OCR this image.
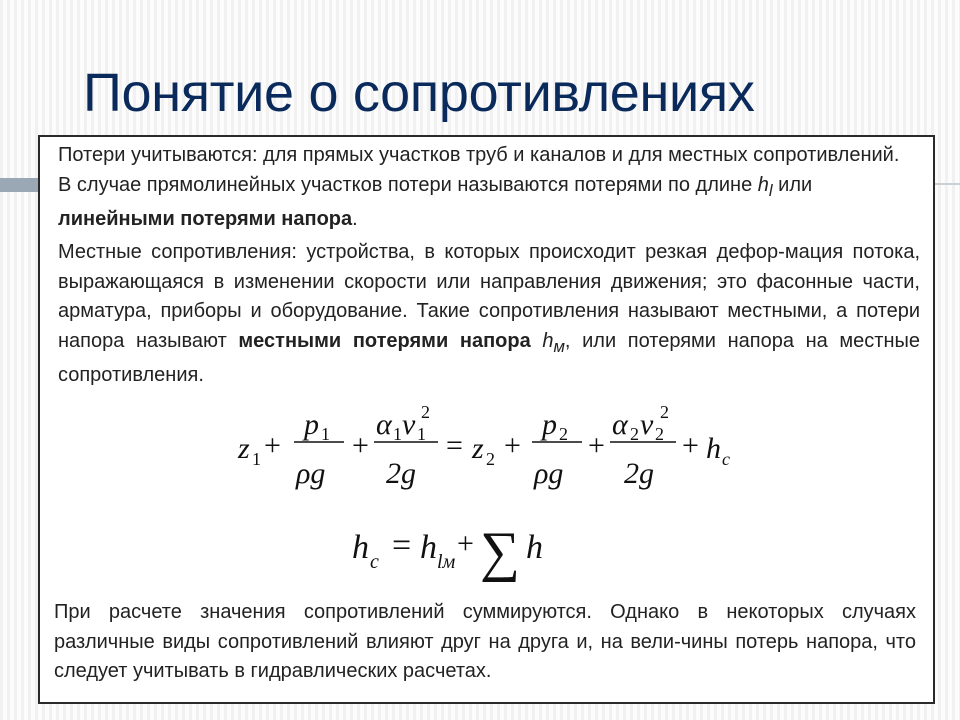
Понятие о сопротивлениях

Потери учитываются: для прямых участков труб и каналов и для местных сопротивлений. В случае прямолинейных участков потери называются потерями по длине $h_l$ или линейными потерями напора.

Местные сопротивления: устройства, в которых происходит резкая дефор-мация потока, выражающаяся в изменении скорости или направления движения; это фасонные части, арматура, приборы и оборудование. Такие сопротивления называют местными, а потери напора называют местными потерями напора $h_м$, или потерями напора на местные сопротивления.

z 1 +
p 1
ρg
+
α 1 v 1
2
2g
= z 2 +
p 2
ρg
+
α 2 v 2
2
2g
+ h c
h c = h lм
+ ∑ h

При расчете значения сопротивлений суммируются. Однако в некоторых случаях различные виды сопротивлений влияют друг на друга и, на вели-чины потерь напора, что следует учитывать в гидравлических расчетах.
